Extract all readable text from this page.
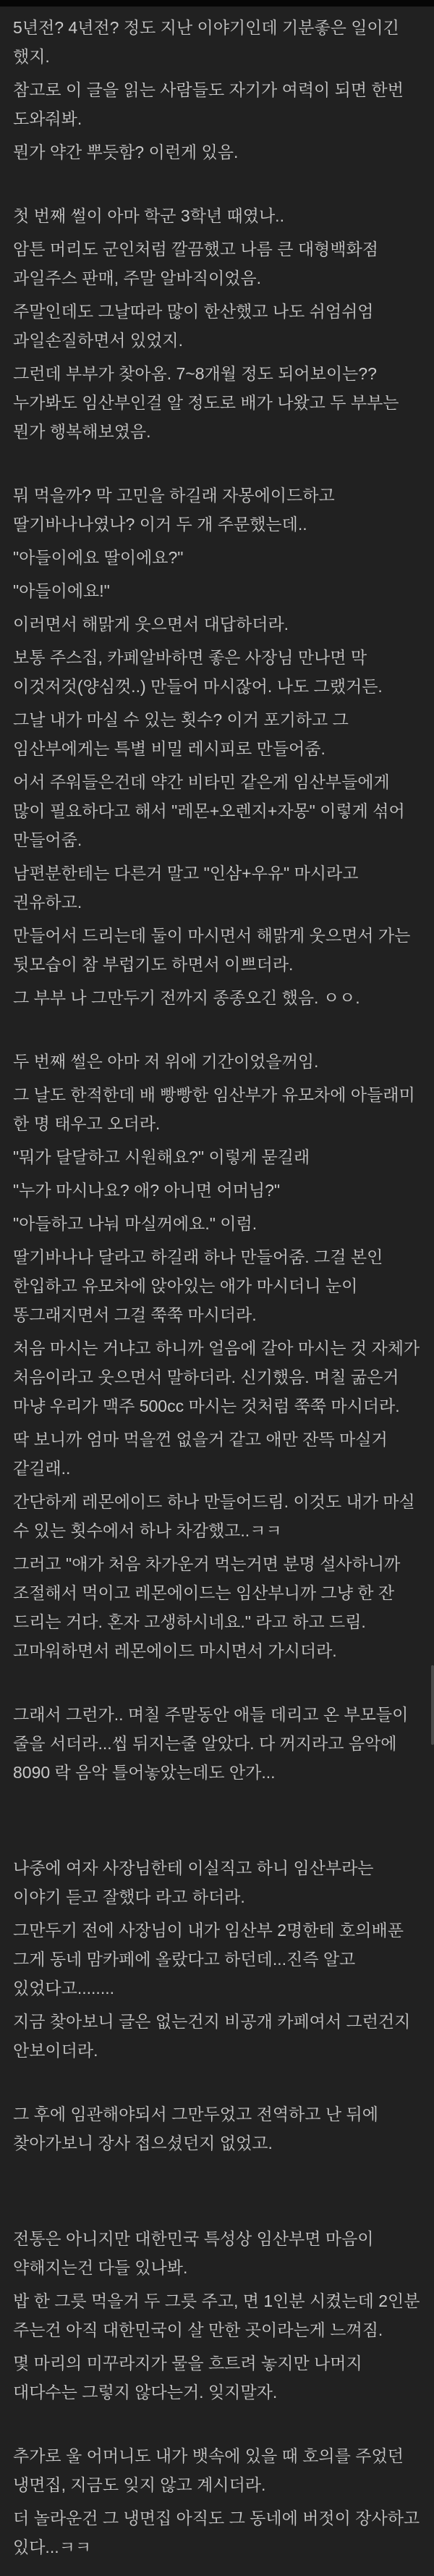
5년전? 4년전? 정도 지난 이야기인데 기분좋은 일이긴 했지.

참고로 이 글을 읽는 사람들도 자기가 여력이 되면 한번 도와줘봐.

뭔가 약간 뿌듯함? 이런게 있음.

첫 번째 썰이 아마 학군 3학년 때였나..

암튼 머리도 군인처럼 깔끔했고 나름 큰 대형백화점 과일주스 판매, 주말 알바직이었음.

주말인데도 그날따라 많이 한산했고 나도 쉬엄쉬엄 과일손질하면서 있었지.

그런데 부부가 찾아옴. 7~8개월 정도 되어보이는?? 누가봐도 임산부인걸 알 정도로 배가 나왔고 두 부부는 뭔가 행복해보였음.

뭐 먹을까? 막 고민을 하길래 자몽에이드하고 딸기바나나였나? 이거 두 개 주문했는데..

"아들이에요 딸이에요?"

"아들이에요!"

이러면서 해맑게 웃으면서 대답하더라.

보통 주스집, 카페알바하면 좋은 사장님 만나면 막 이것저것(양심껏..) 만들어 마시잖어. 나도 그랬거든.

그날 내가 마실 수 있는 횟수? 이거 포기하고 그 임산부에게는 특별 비밀 레시피로 만들어줌.

어서 주워들은건데 약간 비타민 같은게 임산부들에게 많이 필요하다고 해서 "레몬+오렌지+자몽" 이렇게 섞어 만들어줌.

남편분한테는 다른거 말고 "인삼+우유" 마시라고 권유하고.

만들어서 드리는데 둘이 마시면서 해맑게 웃으면서 가는 뒷모습이 참 부럽기도 하면서 이쁘더라.

그 부부 나 그만두기 전까지 종종오긴 했음. ㅇㅇ.

두 번째 썰은 아마 저 위에 기간이었을꺼임.

그 날도 한적한데 배 빵빵한 임산부가 유모차에 아들래미 한 명 태우고 오더라.

"뭐가 달달하고 시원해요?" 이렇게 묻길래

"누가 마시나요? 애? 아니면 어머님?"

"아들하고 나눠 마실꺼에요." 이럼.

딸기바나나 달라고 하길래 하나 만들어줌. 그걸 본인 한입하고 유모차에 앉아있는 애가 마시더니 눈이 똥그래지면서 그걸 쭉쭉 마시더라.

처음 마시는 거냐고 하니까 얼음에 갈아 마시는 것 자체가 처음이라고 웃으면서 말하더라. 신기했음. 며칠 굶은거 마냥 우리가 맥주 500cc 마시는 것처럼 쭉쭉 마시더라.

딱 보니까 엄마 먹을껀 없을거 같고 애만 잔뜩 마실거 같길래..

간단하게 레몬에이드 하나 만들어드림. 이것도 내가 마실 수 있는 횟수에서 하나 차감했고..ㅋㅋ

그러고 "애가 처음 차가운거 먹는거면 분명 설사하니까 조절해서 먹이고 레몬에이드는 임산부니까 그냥 한 잔 드리는 거다. 혼자 고생하시네요." 라고 하고 드림. 고마워하면서 레몬에이드 마시면서 가시더라.

그래서 그런가.. 며칠 주말동안 애들 데리고 온 부모들이 줄을 서더라...씹 뒤지는줄 알았다. 다 꺼지라고 음악에 8090 락 음악 틀어놓았는데도 안가...

나중에 여자 사장님한테 이실직고 하니 임산부라는 이야기 듣고 잘했다 라고 하더라.

그만두기 전에 사장님이 내가 임산부 2명한테 호의배푼 그게 동네 맘카페에 올랐다고 하던데...진즉 알고 있었다고........

지금 찾아보니 글은 없는건지 비공개 카페여서 그런건지 안보이더라.

그 후에 임관해야되서 그만두었고 전역하고 난 뒤에 찾아가보니 장사 접으셨던지 없었고.

전통은 아니지만 대한민국 특성상 임산부면 마음이 약해지는건 다들 있나봐.

밥 한 그릇 먹을거 두 그릇 주고, 면 1인분 시켰는데 2인분 주는건 아직 대한민국이 살 만한 곳이라는게 느껴짐.

몇 마리의 미꾸라지가 물을 흐트려 놓지만 나머지 대다수는 그렇지 않다는거. 잊지말자.

추가로 울 어머니도 내가 뱃속에 있을 때 호의를 주었던 냉면집, 지금도 잊지 않고 계시더라.

더 놀라운건 그 냉면집 아직도 그 동네에 버젓이 장사하고 있다...ㅋㅋ
